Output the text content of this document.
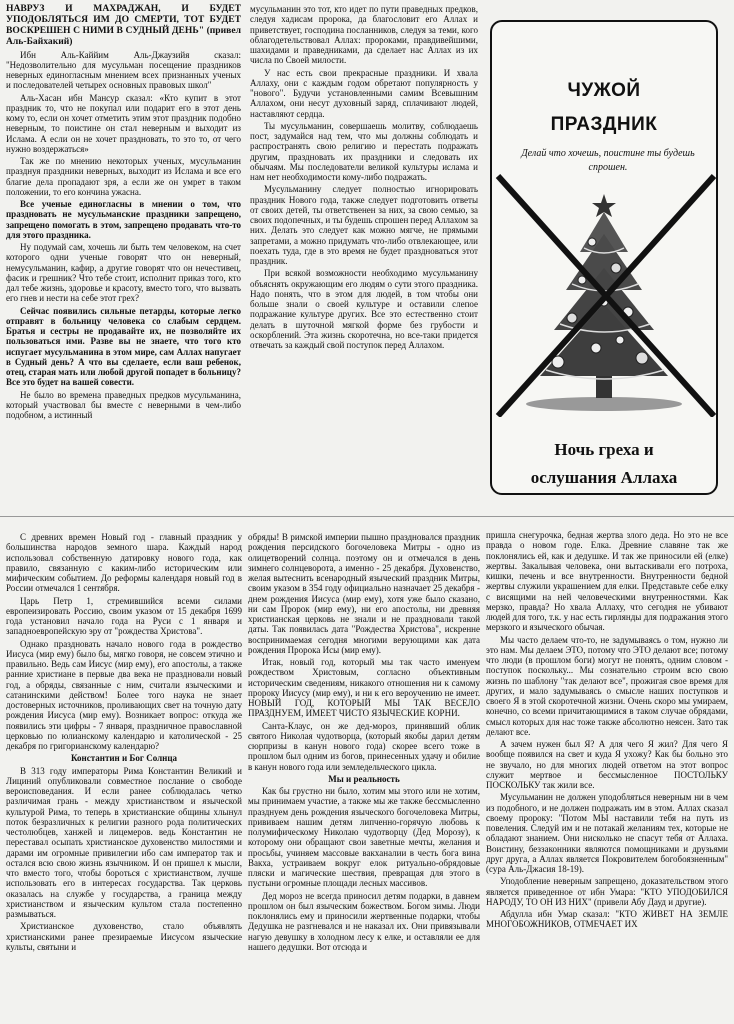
НАВРУЗ И МАХРАДЖАН, И БУДЕТ УПОДОБЛЯТЬСЯ ИМ ДО СМЕРТИ, ТОТ БУДЕТ ВОСКРЕШЕН С НИМИ В СУДНЫЙ ДЕНЬ" (привел Аль-Байхакий)

Ибн Аль-Каййим Аль-Джаузийя сказал: "Недозволительно для мусульман посещение праздников неверных единогласным мнением всех признанных ученых и последователей четырех основных правовых школ"

Аль-Хасан ибн Мансур сказал: «Кто купит в этот праздник то, что не покупал или подарит его в этот день кому то, если он хочет отметить этим этот праздник подобно неверным, то поистине он стал неверным и выходит из Ислама. А если он не хочет праздновать, то это то, от чего нужно воздержаться»

Так же по мнению некоторых ученых, мусульманин празднуя праздники неверных, выходит из Ислама и все его благие дела пропадают зря, а если же он умрет в таком положении, то его кончина ужасна.

Все ученые единогласны в мнении о том, что праздновать не мусульманские праздники запрещено, запрещено помогать в этом, запрещено продавать что-то для этого праздника.

Ну подумай сам, хочешь ли быть тем человеком, на счет которого одни ученые говорят что он неверный, немусульманин, кафир, а другие говорят что он нечестивец, фасик и грешник? Что тебе стоит, исполнит приказ того, кто дал тебе жизнь, здоровье и красоту, вместо того, что вызвать его гнев и нести на себе этот грех?

Сейчас появились сильные петарды, которые легко отправят в больницу человека со слабым сердцем. Братья и сестры не продавайте их, не позволяйте их пользоваться ими. Разве вы не знаете, что того кто испугает мусульманина в этом мире, сам Аллах напугает в Судный день? А что вы сделаете, если ваш ребенок, отец, старая мать или любой другой попадет в больницу? Все это будет на вашей совести.

Не было во времена праведных предков мусульманина, который участвовал бы вместе с неверными в чем-либо подобном, а истинный

мусульманин это тот, кто идет по пути праведных предков, следуя хадисам пророка, да благословит его Аллах и приветствует, господина посланников, следуя за теми, кого облагодетельствовал Аллах: пророками, правдивейшими, шахидами и праведниками, да сделает нас Аллах из их числа по Своей милости.

У нас есть свои прекрасные праздники. И хвала Аллаху, они с каждым годом обретают популярность у "нового". Будучи установленными самим Всевышним Аллахом, они несут духовный заряд, сплачивают людей, наставляют сердца.

Ты мусульманин, совершаешь молитву, соблюдаешь пост, задумайся над тем, что мы должны соблюдать и распространять свою религию и перестать подражать другим, праздновать их праздники и следовать их обычаям. Мы последователи великой культуры ислама и нам нет необходимости кому-либо подражать.

Мусульманину следует полностью игнорировать праздник Нового года, также следует подготовить ответы от своих детей, ты ответственен за них, за свою семью, за своих подопечных, и ты будешь спрошен перед Аллахом за них. Делать это следует как можно мягче, не прямыми запретами, а можно придумать что-либо отвлекающее, или поехать туда, где в это время не будет праздноваться этот праздник.

При всякой возможности необходимо мусульманину объяснять окружающим его людям о сути этого праздника. Надо понять, что в этом для людей, в том чтобы они больше знали о своей культуре и оставили слепое подражание культуре других. Все это естественно стоит делать в шуточной мягкой форме без грубости и оскорблений. Эта жизнь скоротечна, но все-таки придется отвечать за каждый свой поступок перед Аллахом.

ЧУЖОЙ
ПРАЗДНИК
Делай что хочешь, поистине ты будешь спрошен.
Ночь греха и
ослушания Аллаха

С древних времен Новый год - главный праздник у большинства народов земного шара. Каждый народ использовал собственную датировку нового года, как правило, связанную с каким-либо историческим или мифическим событием. До реформы календаря новый год в России отмечался 1 сентября.

Царь Петр 1, стремившийся всеми силами европеизировать Россию, своим указом от 15 декабря 1699 года установил начало года на Руси с 1 января и западноевропейскую эру от "рождества Христова".

Однако праздновать начало нового года в рождество Иисуса (мир ему) было бы, мягко говоря, не совсем этично и правильно. Ведь сам Иисус (мир ему), его апостолы, а также ранние христиане в первые два века не праздновали новый год, а обряды, связанные с ним, считали языческими и сатанинскими действом! Более того наука не знает достоверных источников, проливающих свет на точную дату рождения Иисуса (мир ему). Возникает вопрос: откуда же появились эти цифры - 7 января, праздничное православной церковью по юлианскому календарю и католической - 25 декабря по григорианскому календарю?

Константин и Бог Солнца

В 313 году императоры Рима Константин Великий и Лициний опубликовали совместное послание о свободе вероисповедания. И если ранее соблюдалась четко различимая грань - между христианством и языческой культурой Рима, то теперь в христианские общины хлынул поток безразличных к религии разного рода политических честолюбцев, ханжей и лицемеров. ведь Константин не переставал осыпать христианское духовенство милостями и дарами им огромные привилегии ибо сам император так и остался всю свою жизнь язычником. И он пришел к мысли, что вместо того, чтобы бороться с христианством, лучше использовать его в интересах государства. Так церковь оказалась на службе у государства, а граница между христианством и языческим культом стала постепенно размываться.

Христианское духовенство, стало объявлять христианскими ранее презираемые Иисусом языческие культы, святыни и

обряды! В римской империи пышно праздновался праздник рождения персидского богочеловека Митры - одно из олицетворений солнца. поэтому он и отмечался в день зимнего солнцеворота, а именно - 25 декабря. Духовенство, желая вытеснить всенародный языческий праздник Митры, своим указом в 354 году официально назначает 25 декабря - днем рождения Иисуса (мир ему), хотя уже было сказано, ни сам Пророк (мир ему), ни его апостолы, ни древняя христианская церковь не знали и не праздновали такой даты. Так появилась дата "Рождества Христова", искренне воспринимаемая сегодня многими верующими как дата рождения Пророка Исы (мир ему).

Итак, новый год, который мы так часто именуем рождеством Христовым, согласно объективным историческим сведениям, никакого отношения ни к самому пророку Иисусу (мир ему), и ни к его вероучению не имеет. НОВЫЙ ГОД, КОТОРЫЙ МЫ ТАК ВЕСЕЛО ПРАЗДНУЕМ, ИМЕЕТ ЧИСТО ЯЗЫЧЕСКИЕ КОРНИ.

Санта-Клаус, он же дед-мороз, принявший облик святого Николая чудотворца, (который якобы дарил детям сюрпризы в канун нового года) скорее всего тоже в прошлом был одним из богов, принесенных удачу и обилие в канун нового года или земледельческого цикла.

Мы и реальность

Как бы грустно ни было, хотим мы этого или не хотим, мы принимаем участие, а также мы же также бессмысленно празднуем день рождения языческого богочеловека Митры, прививаем нашим детям липченно-горячую любовь к полумифическому Николаю чудотворцу (Дед Морозу), к которому они обращают свои заветные мечты, желания и просьбы, учиняем массовые вакханалии в честь бога вина Вакха, устраиваем вокруг елок ритуально-обрядовые пляски и магические шествия, превращая для этого в пустыни огромные площади лесных массивов.

Дед мороз не всегда приносил детям подарки, в давнем прошлом он был языческим божеством. Богом зимы. Люди поклонялись ему и приносили жертвенные подарки, чтобы Дедушка не разгневался и не наказал их. Они привязывали нагую девушку в холодном лесу к елке, и оставляли ее для нашего дедушки. Вот отсюда и

пришла снегурочка, бедная жертва злого деда. Но это не все правда о новом годе. Елка. Древние славяне так же поклонялись ей, как и дедушке. И так же приносили ей (елке) жертвы. Закалывая человека, они вытаскивали его потроха, кишки, печень и все внутренности. Внутренности бедной жертвы служили украшением для елки. Представьте себе елку с висящими на ней человеческими внутренностями. Как мерзко, правда? Но хвала Аллаху, что сегодня не убивают людей для того, т.к. у нас есть гирлянды для подражания этого мерзкого и языческого обычая.

Мы часто делаем что-то, не задумываясь о том, нужно ли это нам. Мы делаем ЭТО, потому что ЭТО делают все; потому что люди (в прошлом боги) могут не понять, одним словом - поступок поскольку... Мы сознательно строим всю свою жизнь по шаблону "так делают все", прожигая свое время для других, и мало задумываясь о смысле наших поступков и своего Я в этой скоротечной жизни. Очень скоро мы умираем, конечно, со всеми причитающимися в таком случае обрядами, смысл которых для нас тоже также абсолютно неясен. Зато так делают все.

А зачем нужен был Я? А для чего Я жил? Для чего Я вообще появился на свет и куда Я ухожу? Как бы больно это не звучало, но для многих людей ответом на этот вопрос служит мертвое и бессмысленное ПОСТОЛЬКУ ПОСКОЛЬКУ так жили все.

Мусульманин не должен уподобляться неверным ни в чем из подобного, и не должен подражать им в этом. Аллах сказал своему пророку: "Потом МЫ наставили тебя на путь из повеления. Следуй им и не потакай желаниям тех, которые не обладают знанием. Они нисколько не спасут тебя от Аллаха. Воистину, беззаконники являются помощниками и друзьями друг друга, а Аллах является Покровителем богобоязненным" (сура Аль-Джасия 18-19).

Уподобление неверным запрещено, доказательством этого является приведенное от ибн Умара: "КТО УПОДОБИЛСЯ НАРОДУ, ТО ОН ИЗ НИХ" (привели Абу Дауд и другие).

Абдулла ибн Умар сказал: "КТО ЖИВЕТ НА ЗЕМЛЕ МНОГОБОЖНИКОВ, ОТМЕЧАЕТ ИХ
